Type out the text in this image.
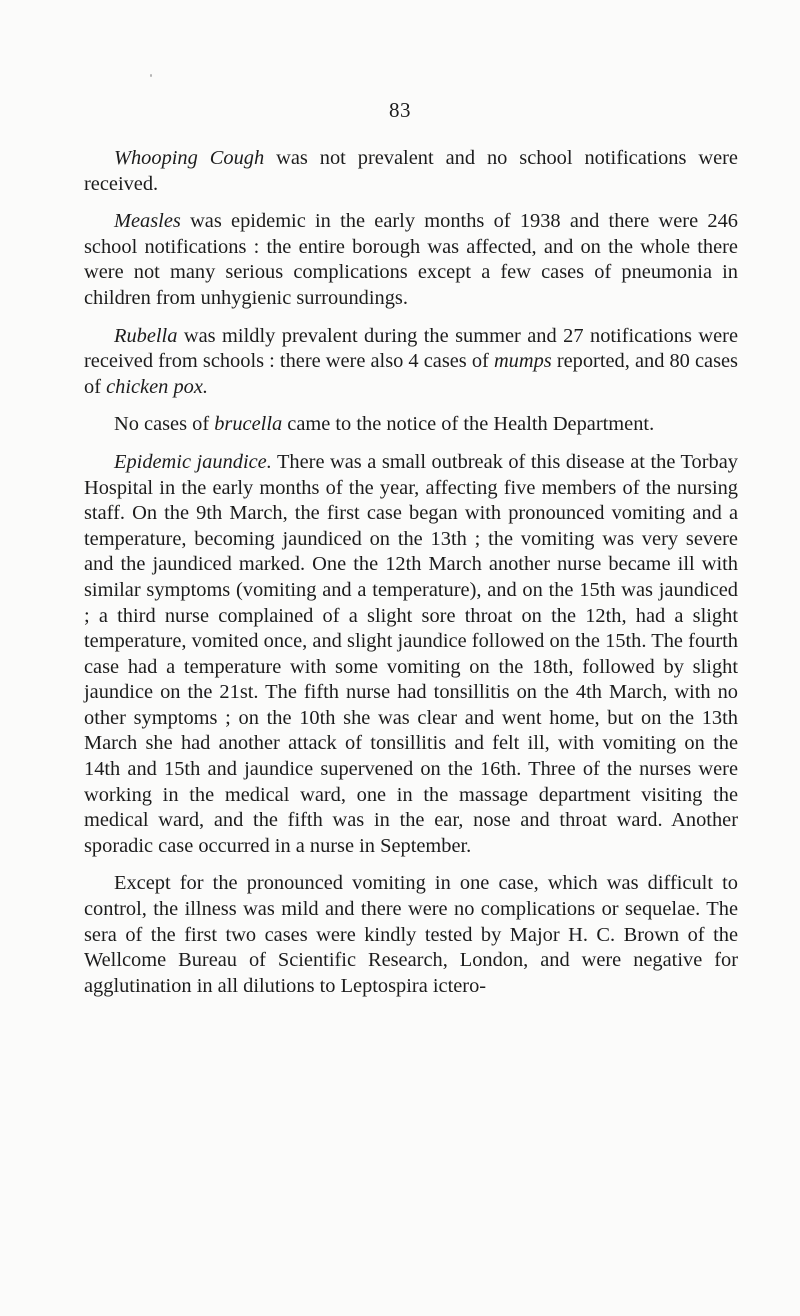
83

Whooping Cough was not prevalent and no school notifications were received.

Measles was epidemic in the early months of 1938 and there were 246 school notifications : the entire borough was affected, and on the whole there were not many serious complications except a few cases of pneumonia in children from unhygienic surroundings.

Rubella was mildly prevalent during the summer and 27 notifications were received from schools : there were also 4 cases of mumps reported, and 80 cases of chicken pox.

No cases of brucella came to the notice of the Health Department.

Epidemic jaundice. There was a small outbreak of this disease at the Torbay Hospital in the early months of the year, affecting five members of the nursing staff. On the 9th March, the first case began with pronounced vomiting and a temperature, becoming jaundiced on the 13th ; the vomiting was very severe and the jaundiced marked. One the 12th March another nurse became ill with similar symptoms (vomiting and a temperature), and on the 15th was jaundiced ; a third nurse complained of a slight sore throat on the 12th, had a slight temperature, vomited once, and slight jaundice followed on the 15th. The fourth case had a temperature with some vomiting on the 18th, followed by slight jaundice on the 21st. The fifth nurse had tonsillitis on the 4th March, with no other symptoms ; on the 10th she was clear and went home, but on the 13th March she had another attack of tonsillitis and felt ill, with vomiting on the 14th and 15th and jaundice supervened on the 16th. Three of the nurses were working in the medical ward, one in the massage department visiting the medical ward, and the fifth was in the ear, nose and throat ward. Another sporadic case occurred in a nurse in September.

Except for the pronounced vomiting in one case, which was difficult to control, the illness was mild and there were no complications or sequelae. The sera of the first two cases were kindly tested by Major H. C. Brown of the Wellcome Bureau of Scientific Research, London, and were negative for agglutination in all dilutions to Leptospira ictero-
